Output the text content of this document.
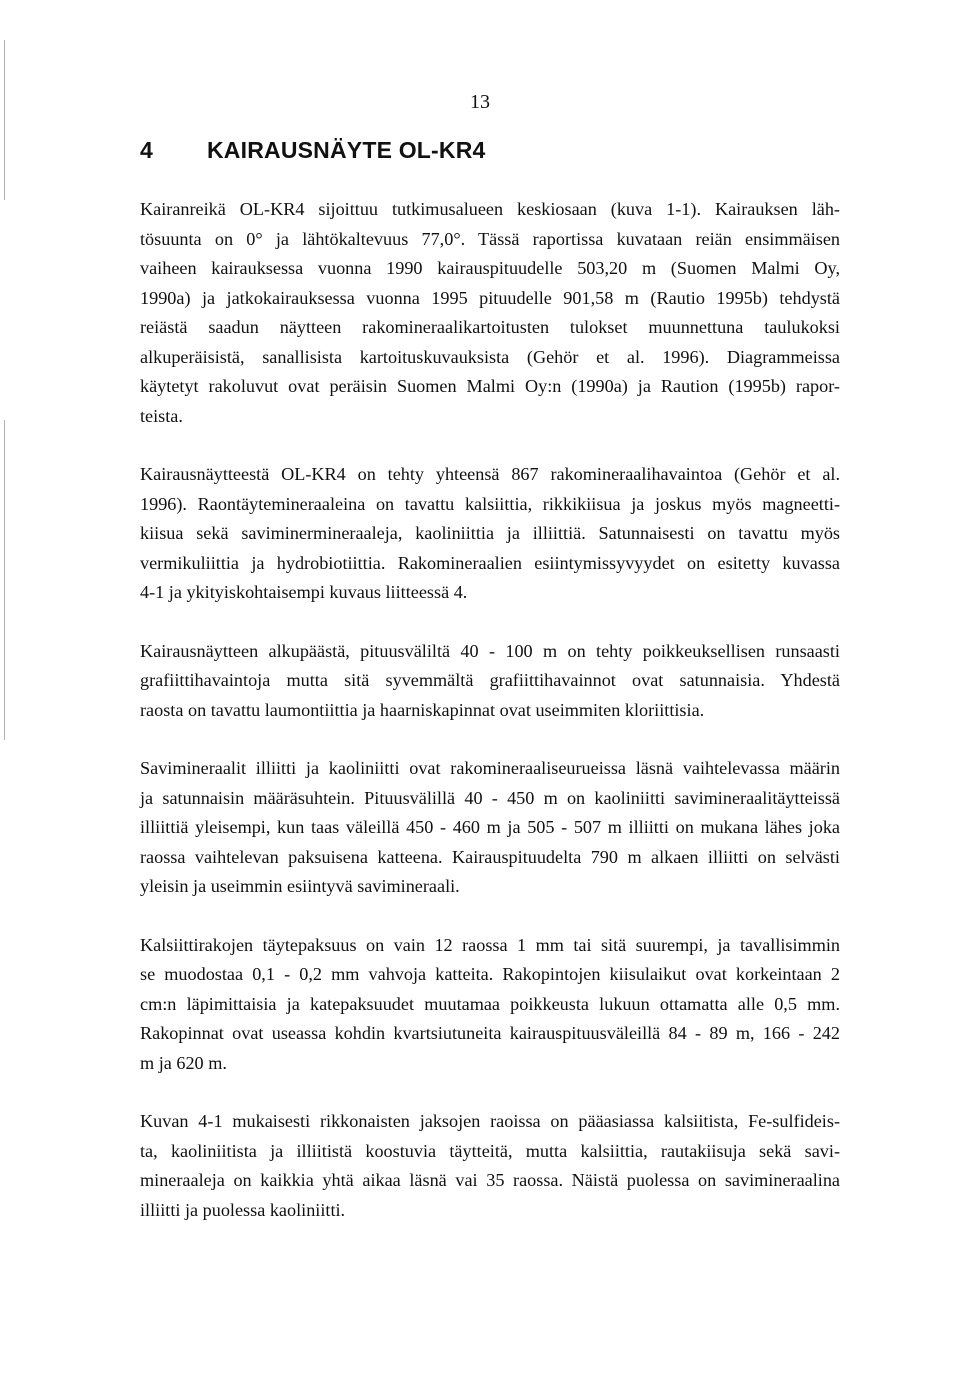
13
4 KAIRAUSNÄYTE OL-KR4

Kairanreikä OL-KR4 sijoittuu tutkimusalueen keskiosaan (kuva 1-1). Kairauksen läh-
tösuunta on 0° ja lähtökaltevuus 77,0°. Tässä raportissa kuvataan reiän ensimmäisen
vaiheen kairauksessa vuonna 1990 kairauspituudelle 503,20 m (Suomen Malmi Oy,
1990a) ja jatkokairauksessa vuonna 1995 pituudelle 901,58 m (Rautio 1995b) tehdystä
reiästä saadun näytteen rakomineraalikartoitusten tulokset muunnettuna taulukoksi
alkuperäisistä, sanallisista kartoituskuvauksista (Gehör et al. 1996). Diagrammeissa
käytetyt rakoluvut ovat peräisin Suomen Malmi Oy:n (1990a) ja Raution (1995b) rapor-
teista.

Kairausnäytteestä OL-KR4 on tehty yhteensä 867 rakomineraalihavaintoa (Gehör et al.
1996). Raontäytemineraaleina on tavattu kalsiittia, rikkikiisua ja joskus myös magneetti-
kiisua sekä saviminermineraaleja, kaoliniittia ja illiittiä. Satunnaisesti on tavattu myös
vermikuliittia ja hydrobiotiittia. Rakomineraalien esiintymissyvyydet on esitetty kuvassa
4-1 ja ykityiskohtaisempi kuvaus liitteessä 4.

Kairausnäytteen alkupäästä, pituusväliltä 40 - 100 m on tehty poikkeuksellisen runsaasti
grafiittihavaintoja mutta sitä syvemmältä grafiittihavainnot ovat satunnaisia. Yhdestä
raosta on tavattu laumontiittia ja haarniskapinnat ovat useimmiten kloriittisia.

Savimineraalit illiitti ja kaoliniitti ovat rakomineraaliseurueissa läsnä vaihtelevassa määrin
ja satunnaisin määräsuhtein. Pituusvälillä 40 - 450 m on kaoliniitti savimineraalitäytteissä
illiittiä yleisempi, kun taas väleillä 450 - 460 m ja 505 - 507 m illiitti on mukana lähes joka
raossa vaihtelevan paksuisena katteena. Kairauspituudelta 790 m alkaen illiitti on selvästi
yleisin ja useimmin esiintyvä savimineraali.

Kalsiittirakojen täytepaksuus on vain 12 raossa 1 mm tai sitä suurempi, ja tavallisimmin
se muodostaa 0,1 - 0,2 mm vahvoja katteita. Rakopintojen kiisulaikut ovat korkeintaan 2
cm:n läpimittaisia ja katepaksuudet muutamaa poikkeusta lukuun ottamatta alle 0,5 mm.
Rakopinnat ovat useassa kohdin kvartsiutuneita kairauspituusväleillä 84 - 89 m, 166 - 242
m ja 620 m.

Kuvan 4-1 mukaisesti rikkonaisten jaksojen raoissa on pääasiassa kalsiitista, Fe-sulfideis-
ta, kaoliniitista ja illiitistä koostuvia täytteitä, mutta kalsiittia, rautakiisuja sekä savi-
mineraaleja on kaikkia yhtä aikaa läsnä vai 35 raossa. Näistä puolessa on savimineraalina
illiitti ja puolessa kaoliniitti.
